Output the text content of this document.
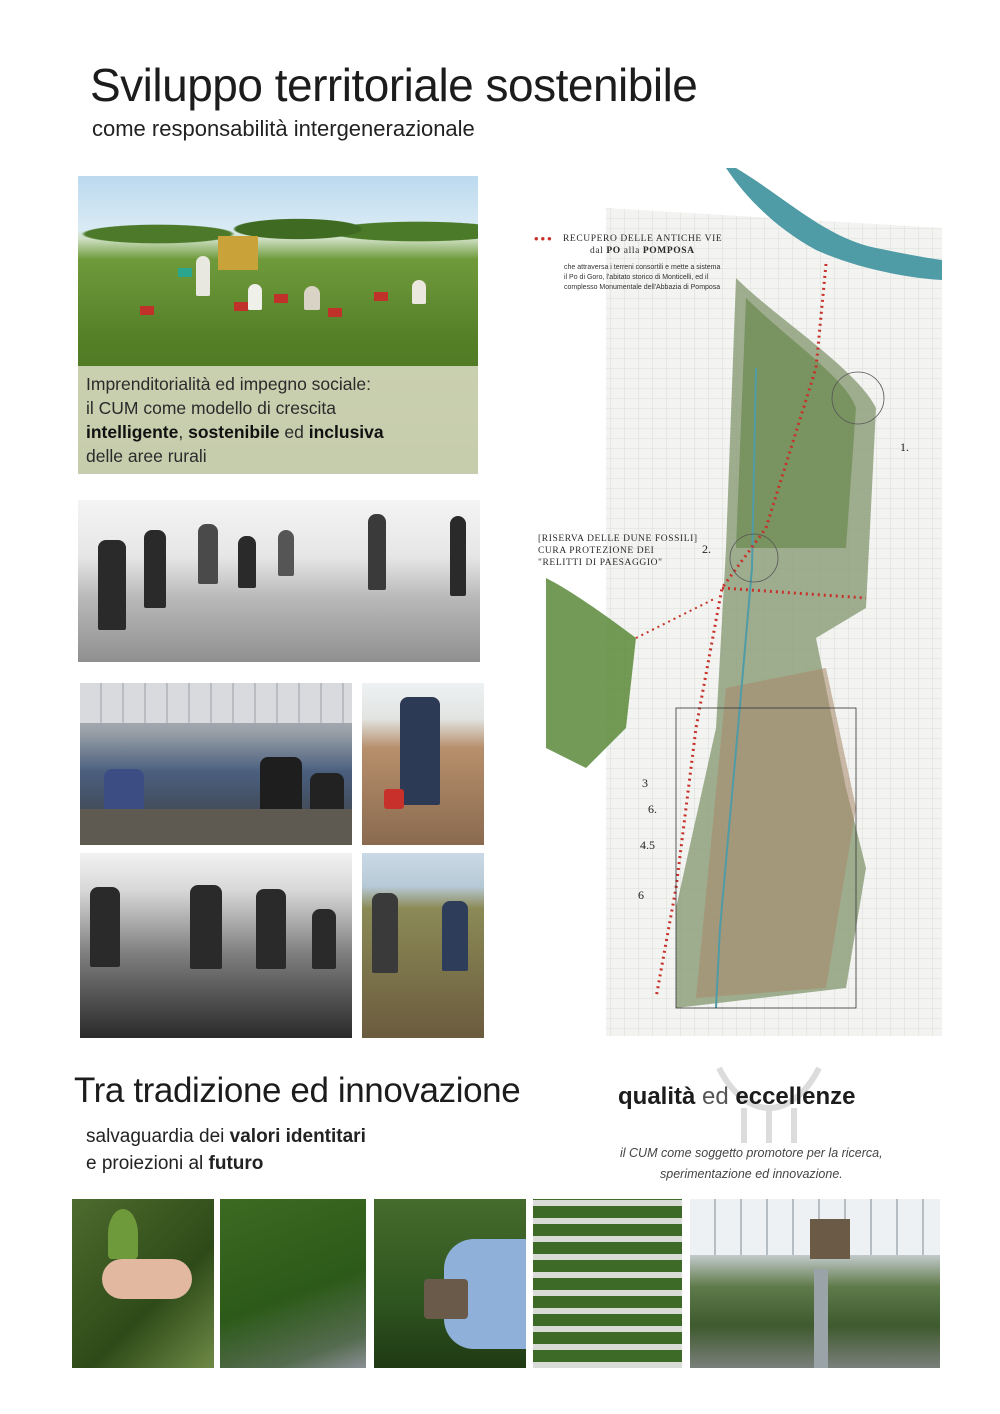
Sviluppo territoriale sostenibile
come responsabilità intergenerazionale
Imprenditorialità ed impegno sociale:
il CUM come modello di crescita
intelligente, sostenibile ed inclusiva
delle aree rurali
••• RECUPERO DELLE ANTICHE VIE
dal PO alla POMPOSA
che attraversa i terreni consortili e mette a sistema
il Po di Goro, l'abitato storico di Monticelli, ed il
complesso Monumentale dell'Abbazia di Pomposa
[RISERVA DELLE DUNE FOSSILI]
CURA PROTEZIONE DEI
"RELITTI DI PAESAGGIO"
1.
2.
3
6.
4.5
6
Tra tradizione ed innovazione
salvaguardia dei valori identitari
e proiezioni al futuro
qualità ed eccellenze
il CUM come soggetto promotore per la ricerca,
sperimentazione ed innovazione.
